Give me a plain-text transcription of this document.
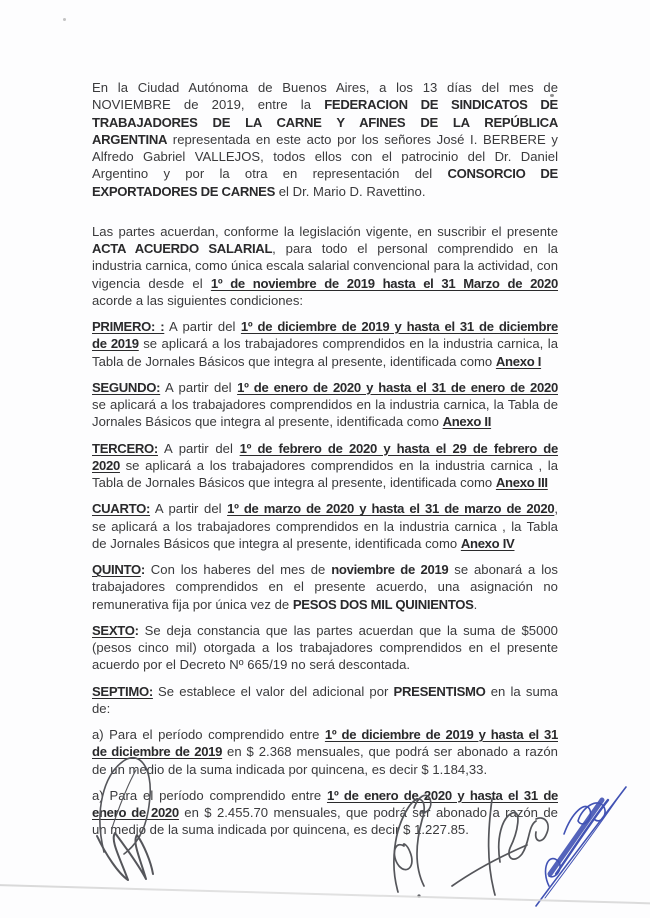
En la Ciudad Autónoma de Buenos Aires, a los 13 días del mes de
NOVIEMBRE de 2019, entre la FEDERACION DE SINDICATOS DE
TRABAJADORES DE LA CARNE Y AFINES DE LA REPÚBLICA
ARGENTINA representada en este acto por los señores José I. BERBERE y
Alfredo Gabriel VALLEJOS, todos ellos con el patrocinio del Dr. Daniel
Argentino y por la otra en representación del CONSORCIO DE
EXPORTADORES DE CARNES el Dr. Mario D. Ravettino.
Las partes acuerdan, conforme la legislación vigente, en suscribir el presente
ACTA ACUERDO SALARIAL, para todo el personal comprendido en la
industria carnica, como única escala salarial convencional para la actividad, con
vigencia desde el 1º de noviembre de 2019 hasta el 31 Marzo de 2020
acorde a las siguientes condiciones:
PRIMERO: : A partir del 1º de diciembre de 2019 y hasta el 31 de diciembre
de 2019 se aplicará a los trabajadores comprendidos en la industria carnica, la
Tabla de Jornales Básicos que integra al presente, identificada como Anexo I
SEGUNDO: A partir del 1º de enero de 2020 y hasta el 31 de enero de 2020
se aplicará a los trabajadores comprendidos en la industria carnica, la Tabla de
Jornales Básicos que integra al presente, identificada como Anexo II
TERCERO: A partir del 1º de febrero de 2020 y hasta el 29 de febrero de
2020 se aplicará a los trabajadores comprendidos en la industria carnica , la
Tabla de Jornales Básicos que integra al presente, identificada como Anexo III
CUARTO: A partir del 1º de marzo de 2020 y hasta el 31 de marzo de 2020,
se aplicará a los trabajadores comprendidos en la industria carnica , la Tabla
de Jornales Básicos que integra al presente, identificada como Anexo IV
QUINTO: Con los haberes del mes de noviembre de 2019 se abonará a los
trabajadores comprendidos en el presente acuerdo, una asignación no
remunerativa fija por única vez de PESOS DOS MIL QUINIENTOS.
SEXTO: Se deja constancia que las partes acuerdan que la suma de $5000
(pesos cinco mil) otorgada a los trabajadores comprendidos en el presente
acuerdo por el Decreto Nº 665/19 no será descontada.
SEPTIMO: Se establece el valor del adicional por PRESENTISMO en la suma
de:
a) Para el período comprendido entre 1º de diciembre de 2019 y hasta el 31
de diciembre de 2019 en $ 2.368 mensuales, que podrá ser abonado a razón
de un medio de la suma indicada por quincena, es decir $ 1.184,33.
a) Para el período comprendido entre 1º de enero de 2020 y hasta el 31 de
enero de 2020 en $ 2.455.70 mensuales, que podrá ser abonado a razón de
un medio de la suma indicada por quincena, es decir $ 1.227.85.
